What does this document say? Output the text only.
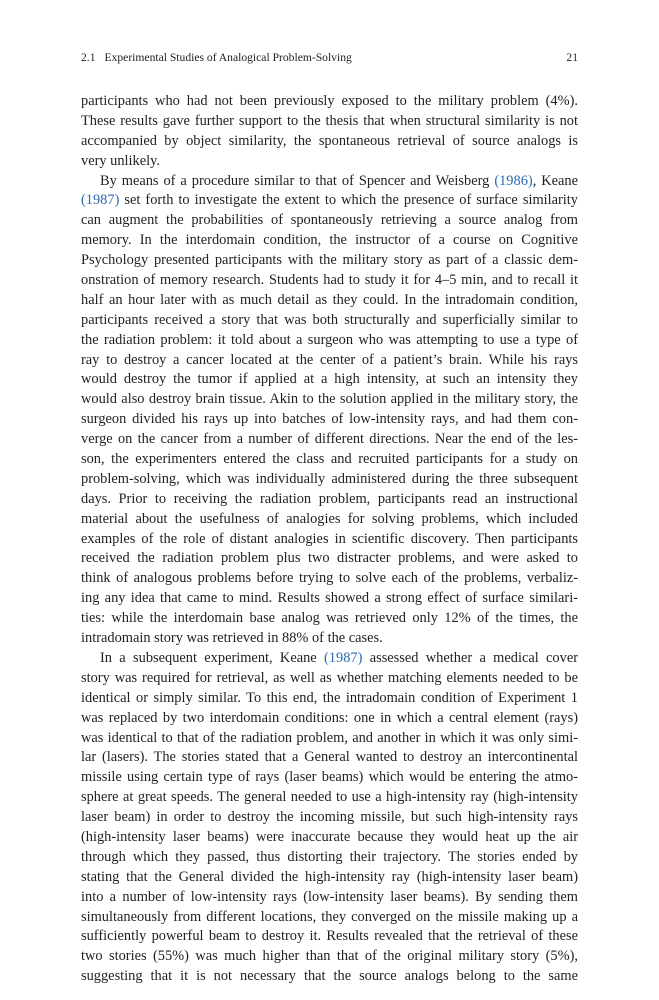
2.1 Experimental Studies of Analogical Problem-Solving	21
participants who had not been previously exposed to the military problem (4%).
These results gave further support to the thesis that when structural similarity is not
accompanied by object similarity, the spontaneous retrieval of source analogs is
very unlikely.
By means of a procedure similar to that of Spencer and Weisberg (1986), Keane
(1987) set forth to investigate the extent to which the presence of surface similarity
can augment the probabilities of spontaneously retrieving a source analog from
memory. In the interdomain condition, the instructor of a course on Cognitive
Psychology presented participants with the military story as part of a classic dem-
onstration of memory research. Students had to study it for 4–5 min, and to recall it
half an hour later with as much detail as they could. In the intradomain condition,
participants received a story that was both structurally and superficially similar to
the radiation problem: it told about a surgeon who was attempting to use a type of
ray to destroy a cancer located at the center of a patient’s brain. While his rays
would destroy the tumor if applied at a high intensity, at such an intensity they
would also destroy brain tissue. Akin to the solution applied in the military story, the
surgeon divided his rays up into batches of low-intensity rays, and had them con-
verge on the cancer from a number of different directions. Near the end of the les-
son, the experimenters entered the class and recruited participants for a study on
problem-solving, which was individually administered during the three subsequent
days. Prior to receiving the radiation problem, participants read an instructional
material about the usefulness of analogies for solving problems, which included
examples of the role of distant analogies in scientific discovery. Then participants
received the radiation problem plus two distracter problems, and were asked to
think of analogous problems before trying to solve each of the problems, verbaliz-
ing any idea that came to mind. Results showed a strong effect of surface similari-
ties: while the interdomain base analog was retrieved only 12% of the times, the
intradomain story was retrieved in 88% of the cases.
In a subsequent experiment, Keane (1987) assessed whether a medical cover
story was required for retrieval, as well as whether matching elements needed to be
identical or simply similar. To this end, the intradomain condition of Experiment 1
was replaced by two interdomain conditions: one in which a central element (rays)
was identical to that of the radiation problem, and another in which it was only simi-
lar (lasers). The stories stated that a General wanted to destroy an intercontinental
missile using certain type of rays (laser beams) which would be entering the atmo-
sphere at great speeds. The general needed to use a high-intensity ray (high-intensity
laser beam) in order to destroy the incoming missile, but such high-intensity rays
(high-intensity laser beams) were inaccurate because they would heat up the air
through which they passed, thus distorting their trajectory. The stories ended by
stating that the General divided the high-intensity ray (high-intensity laser beam)
into a number of low-intensity rays (low-intensity laser beams). By sending them
simultaneously from different locations, they converged on the missile making up a
sufficiently powerful beam to destroy it. Results revealed that the retrieval of these
two stories (55%) was much higher than that of the original military story (5%),
suggesting that it is not necessary that the source analogs belong to the same
